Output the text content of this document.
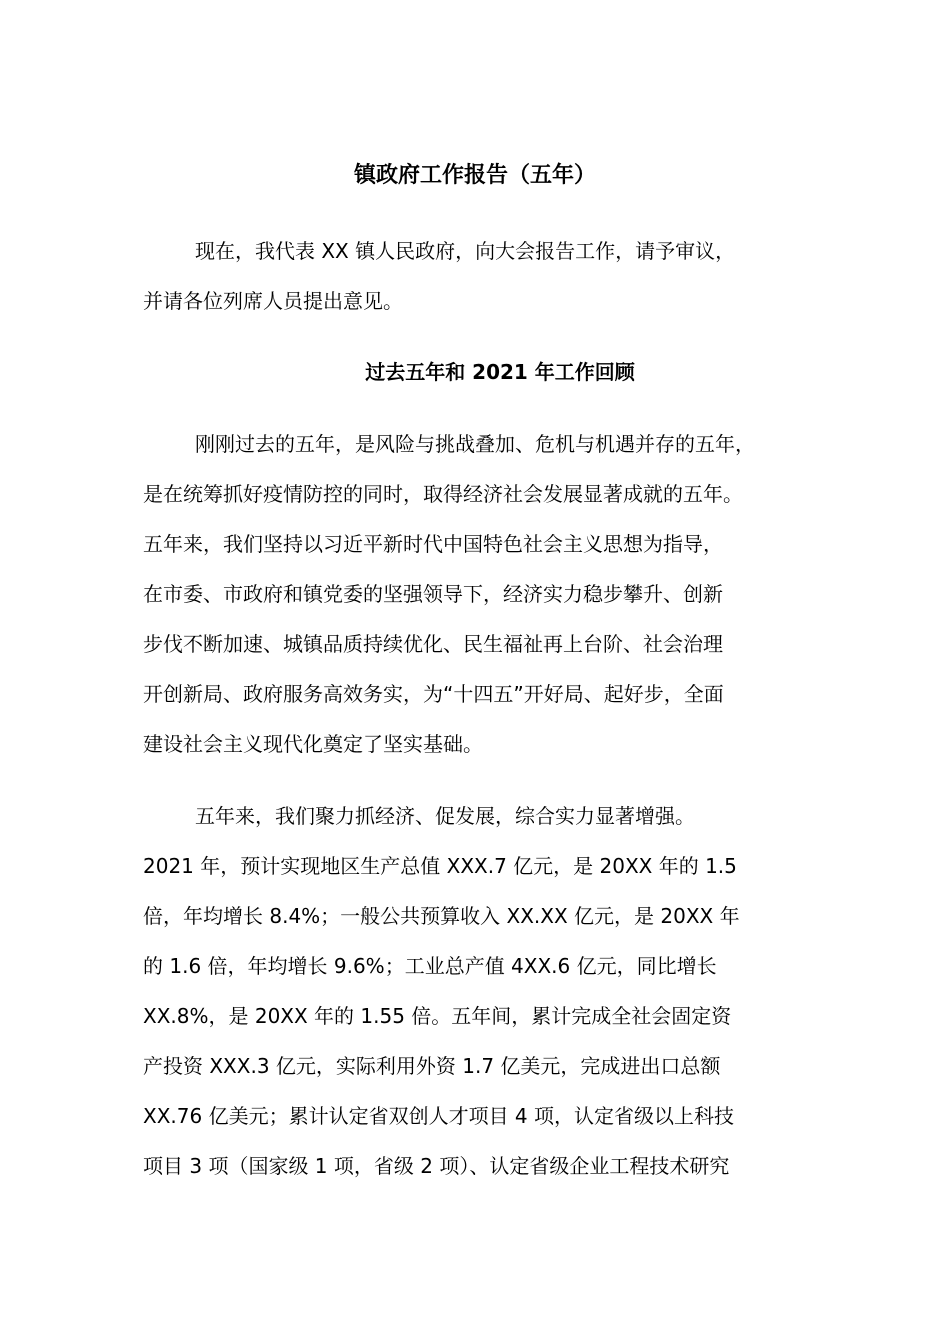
镇政府工作报告（五年）

现在，我代表 XX 镇人民政府，向大会报告工作，请予审议，
并请各位列席人员提出意见。

过去五年和 2021 年工作回顾

刚刚过去的五年，是风险与挑战叠加、危机与机遇并存的五年，
是在统筹抓好疫情防控的同时，取得经济社会发展显著成就的五年。
五年来，我们坚持以习近平新时代中国特色社会主义思想为指导，
在市委、市政府和镇党委的坚强领导下，经济实力稳步攀升、创新
步伐不断加速、城镇品质持续优化、民生福祉再上台阶、社会治理
开创新局、政府服务高效务实，为“十四五”开好局、起好步，全面
建设社会主义现代化奠定了坚实基础。

五年来，我们聚力抓经济、促发展，综合实力显著增强。
2021 年，预计实现地区生产总值 XXX.7 亿元，是 20XX 年的 1.5
倍，年均增长 8.4%；一般公共预算收入 XX.XX 亿元，是 20XX 年
的 1.6 倍，年均增长 9.6%；工业总产值 4XX.6 亿元，同比增长
XX.8%，是 20XX 年的 1.55 倍。五年间，累计完成全社会固定资
产投资 XXX.3 亿元，实际利用外资 1.7 亿美元，完成进出口总额
XX.76 亿美元；累计认定省双创人才项目 4 项，认定省级以上科技
项目 3 项（国家级 1 项，省级 2 项）、认定省级企业工程技术研究
